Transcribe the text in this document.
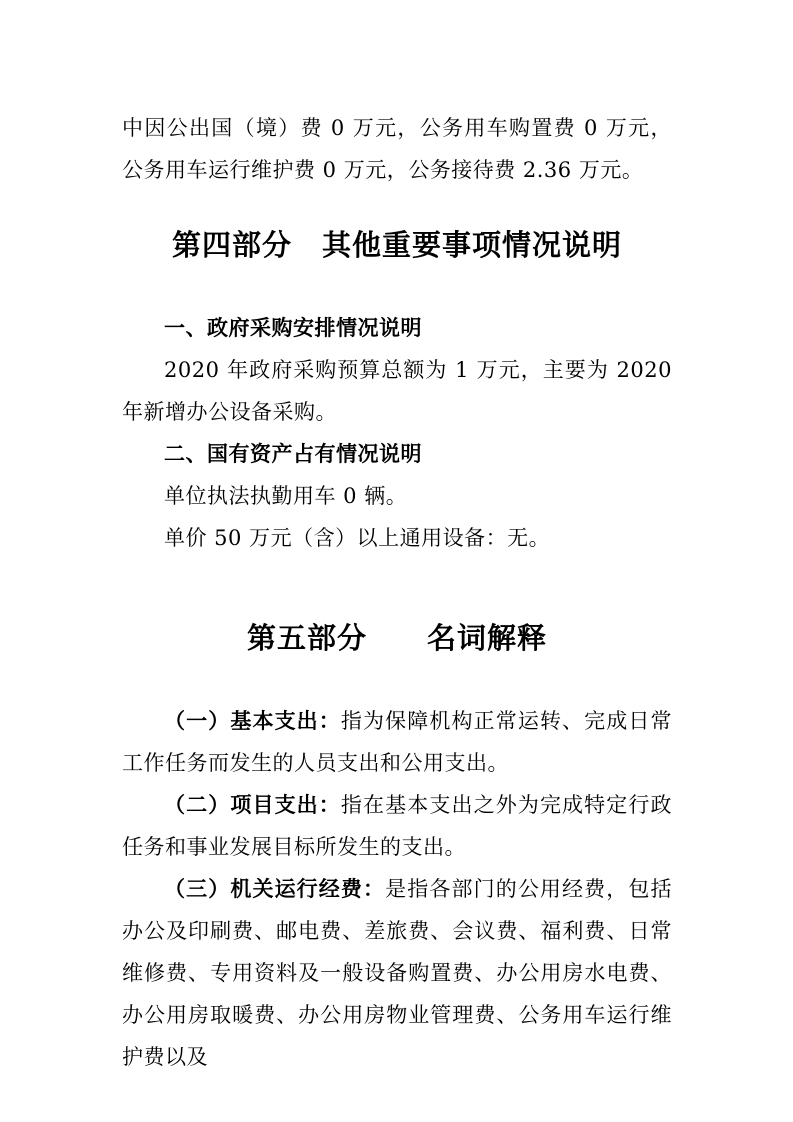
中因公出国（境）费 0 万元，公务用车购置费 0 万元，公务用车运行维护费 0 万元，公务接待费 2.36 万元。

第四部分　其他重要事项情况说明

一、政府采购安排情况说明

2020 年政府采购预算总额为 1 万元，主要为 2020 年新增办公设备采购。

二、国有资产占有情况说明

单位执法执勤用车 0 辆。

单价 50 万元（含）以上通用设备：无。

第五部分　　名词解释

（一）基本支出：指为保障机构正常运转、完成日常工作任务而发生的人员支出和公用支出。

（二）项目支出：指在基本支出之外为完成特定行政任务和事业发展目标所发生的支出。

（三）机关运行经费：是指各部门的公用经费，包括办公及印刷费、邮电费、差旅费、会议费、福利费、日常维修费、专用资料及一般设备购置费、办公用房水电费、办公用房取暖费、办公用房物业管理费、公务用车运行维护费以及
